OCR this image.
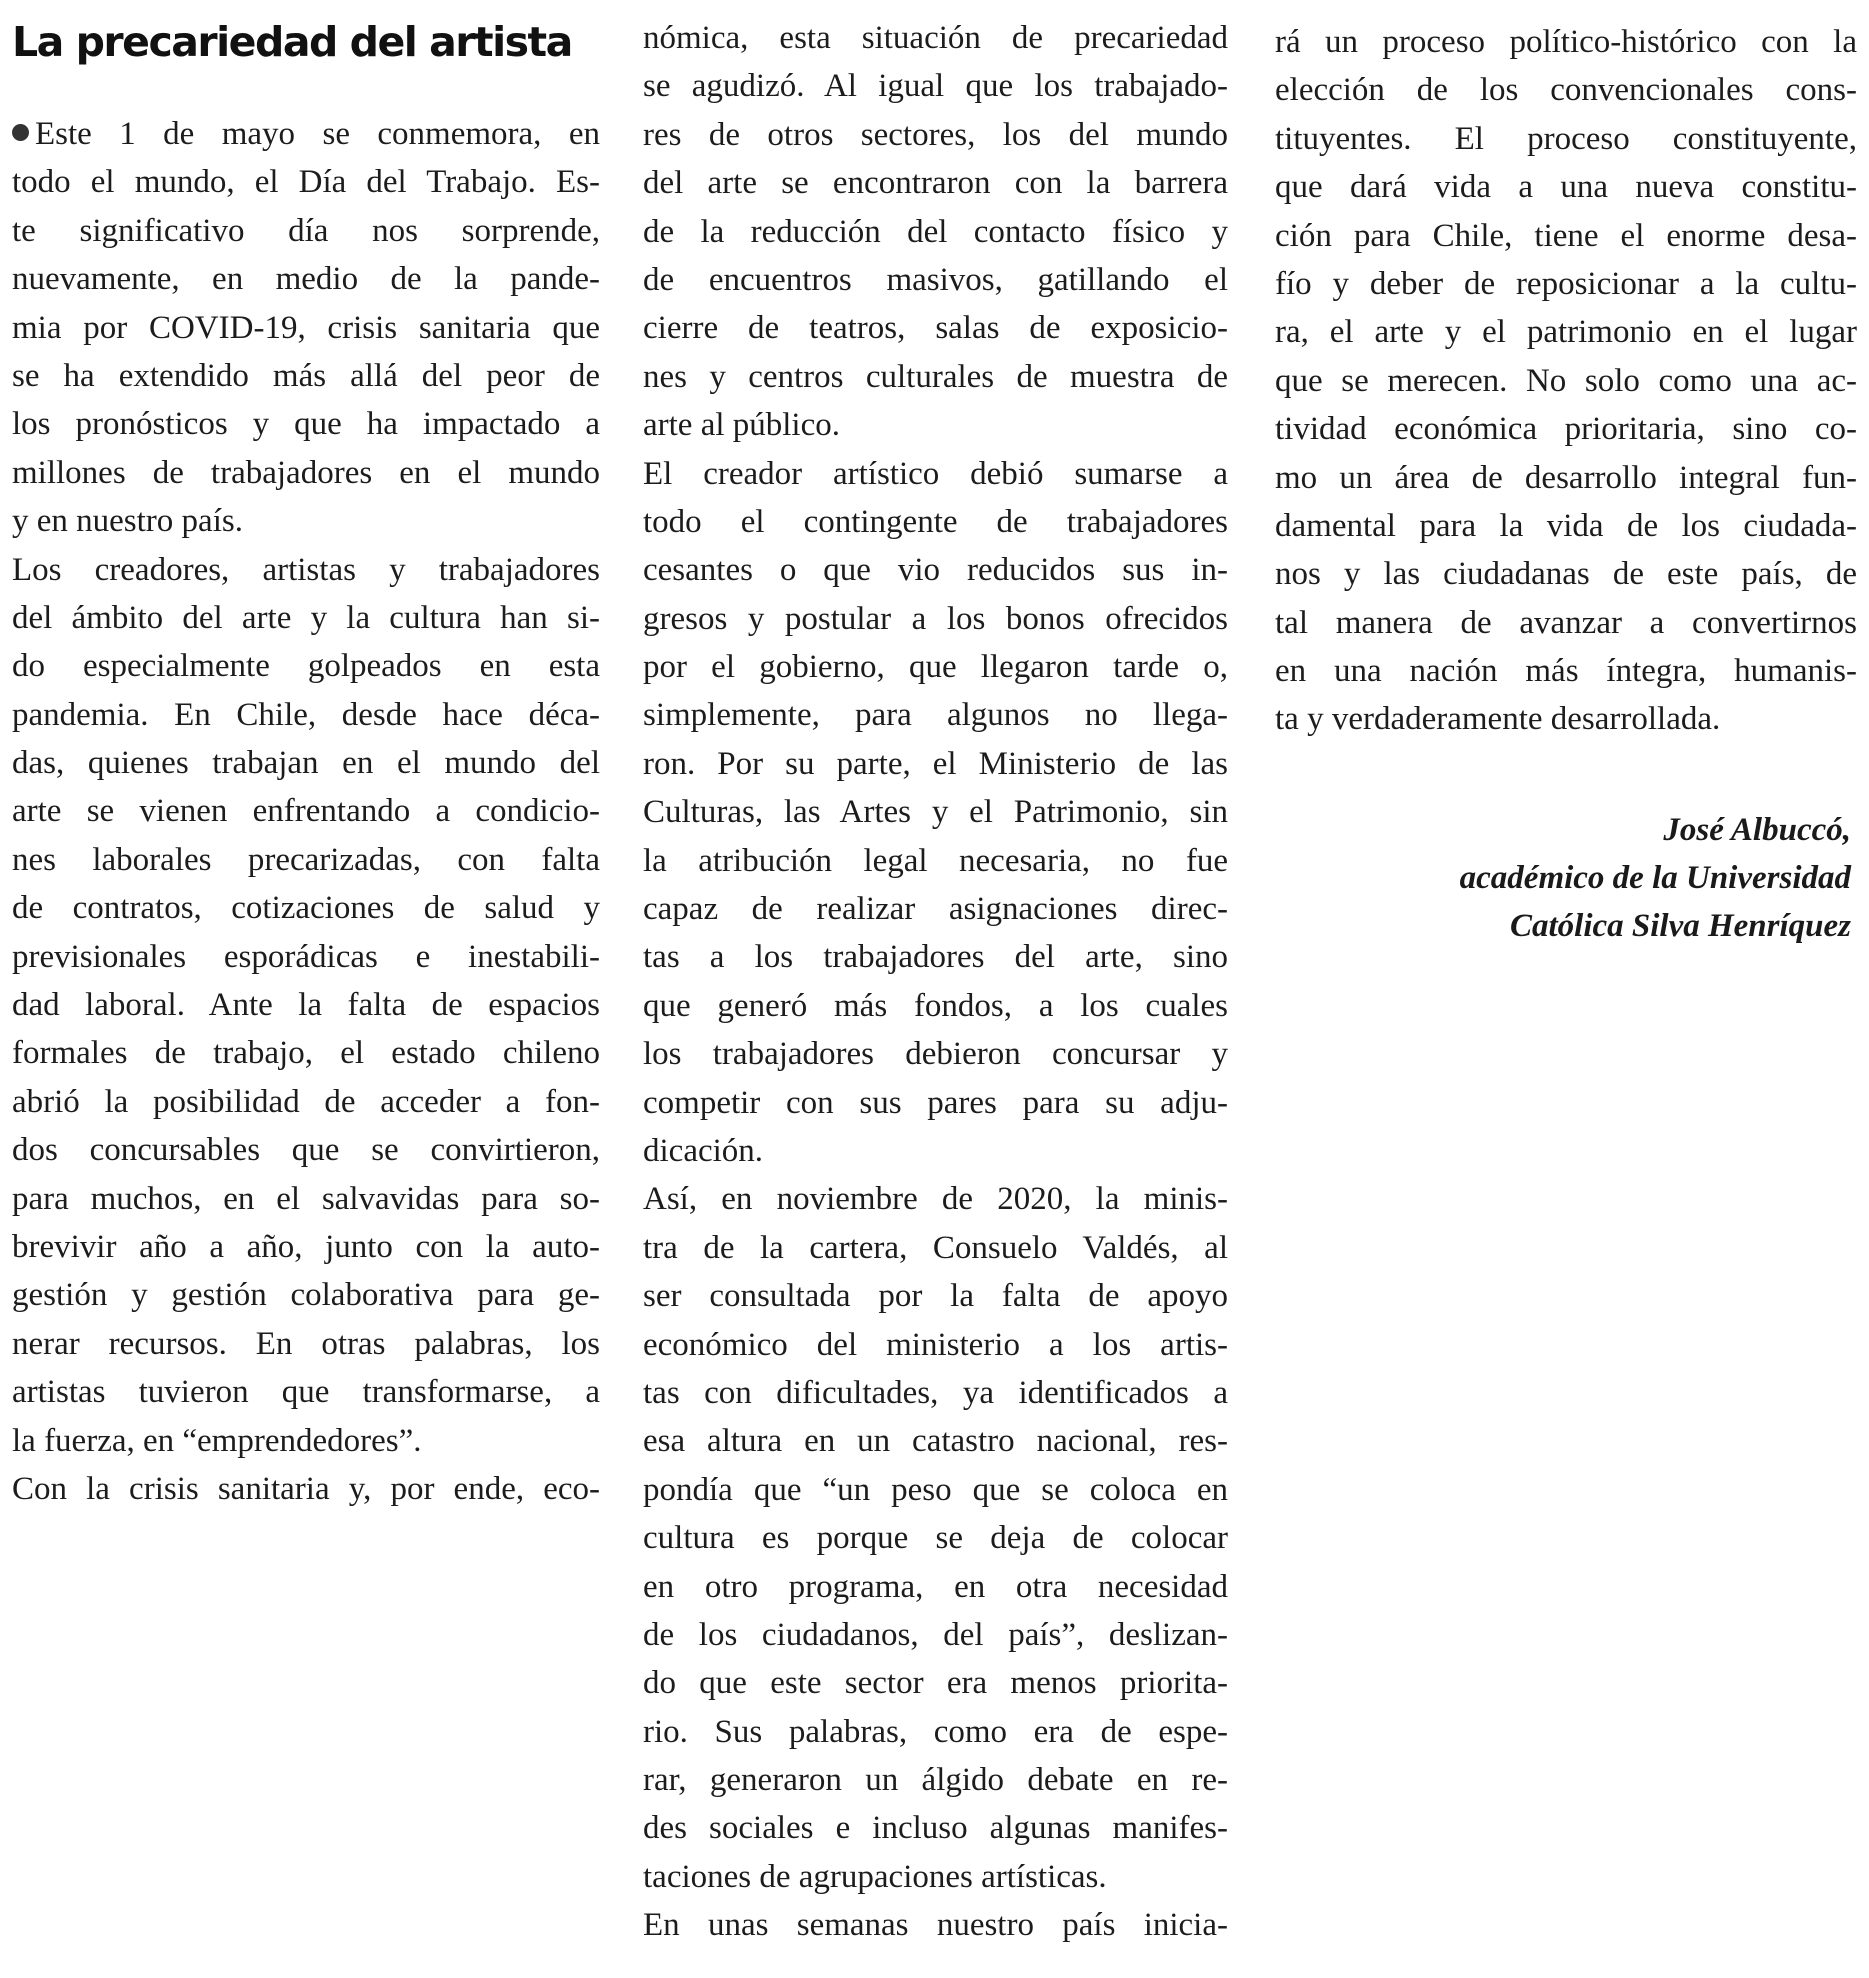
La precariedad del artista
Este 1 de mayo se conmemora, en
todo el mundo, el Día del Trabajo. Es-
te significativo día nos sorprende,
nuevamente, en medio de la pande-
mia por COVID-19, crisis sanitaria que
se ha extendido más allá del peor de
los pronósticos y que ha impactado a
millones de trabajadores en el mundo
y en nuestro país.
Los creadores, artistas y trabajadores
del ámbito del arte y la cultura han si-
do especialmente golpeados en esta
pandemia. En Chile, desde hace déca-
das, quienes trabajan en el mundo del
arte se vienen enfrentando a condicio-
nes laborales precarizadas, con falta
de contratos, cotizaciones de salud y
previsionales esporádicas e inestabili-
dad laboral. Ante la falta de espacios
formales de trabajo, el estado chileno
abrió la posibilidad de acceder a fon-
dos concursables que se convirtieron,
para muchos, en el salvavidas para so-
brevivir año a año, junto con la auto-
gestión y gestión colaborativa para ge-
nerar recursos. En otras palabras, los
artistas tuvieron que transformarse, a
la fuerza, en “emprendedores”.
Con la crisis sanitaria y, por ende, eco-
nómica, esta situación de precariedad
se agudizó. Al igual que los trabajado-
res de otros sectores, los del mundo
del arte se encontraron con la barrera
de la reducción del contacto físico y
de encuentros masivos, gatillando el
cierre de teatros, salas de exposicio-
nes y centros culturales de muestra de
arte al público.
El creador artístico debió sumarse a
todo el contingente de trabajadores
cesantes o que vio reducidos sus in-
gresos y postular a los bonos ofrecidos
por el gobierno, que llegaron tarde o,
simplemente, para algunos no llega-
ron. Por su parte, el Ministerio de las
Culturas, las Artes y el Patrimonio, sin
la atribución legal necesaria, no fue
capaz de realizar asignaciones direc-
tas a los trabajadores del arte, sino
que generó más fondos, a los cuales
los trabajadores debieron concursar y
competir con sus pares para su adju-
dicación.
Así, en noviembre de 2020, la minis-
tra de la cartera, Consuelo Valdés, al
ser consultada por la falta de apoyo
económico del ministerio a los artis-
tas con dificultades, ya identificados a
esa altura en un catastro nacional, res-
pondía que “un peso que se coloca en
cultura es porque se deja de colocar
en otro programa, en otra necesidad
de los ciudadanos, del país”, deslizan-
do que este sector era menos priorita-
rio. Sus palabras, como era de espe-
rar, generaron un álgido debate en re-
des sociales e incluso algunas manifes-
taciones de agrupaciones artísticas.
En unas semanas nuestro país inicia-
rá un proceso político-histórico con la
elección de los convencionales cons-
tituyentes. El proceso constituyente,
que dará vida a una nueva constitu-
ción para Chile, tiene el enorme desa-
fío y deber de reposicionar a la cultu-
ra, el arte y el patrimonio en el lugar
que se merecen. No solo como una ac-
tividad económica prioritaria, sino co-
mo un área de desarrollo integral fun-
damental para la vida de los ciudada-
nos y las ciudadanas de este país, de
tal manera de avanzar a convertirnos
en una nación más íntegra, humanis-
ta y verdaderamente desarrollada.
José Albuccó,
académico de la Universidad
Católica Silva Henríquez
